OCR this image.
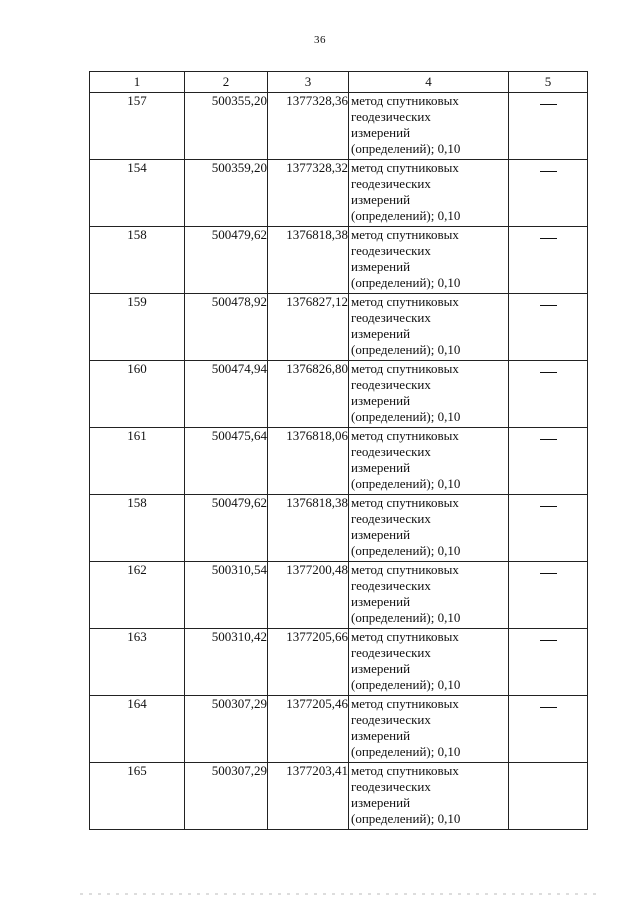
36
1	2	3	4	5
157	500355,20	1377328,36	метод спутниковых
геодезических
измерений
(определений); 0,10	

154	500359,20	1377328,32	метод спутниковых
геодезических
измерений
(определений); 0,10	

158	500479,62	1376818,38	метод спутниковых
геодезических
измерений
(определений); 0,10	

159	500478,92	1376827,12	метод спутниковых
геодезических
измерений
(определений); 0,10	

160	500474,94	1376826,80	метод спутниковых
геодезических
измерений
(определений); 0,10	

161	500475,64	1376818,06	метод спутниковых
геодезических
измерений
(определений); 0,10	

158	500479,62	1376818,38	метод спутниковых
геодезических
измерений
(определений); 0,10	

162	500310,54	1377200,48	метод спутниковых
геодезических
измерений
(определений); 0,10	

163	500310,42	1377205,66	метод спутниковых
геодезических
измерений
(определений); 0,10	

164	500307,29	1377205,46	метод спутниковых
геодезических
измерений
(определений); 0,10	

165	500307,29	1377203,41	метод спутниковых
геодезических
измерений
(определений); 0,10	
